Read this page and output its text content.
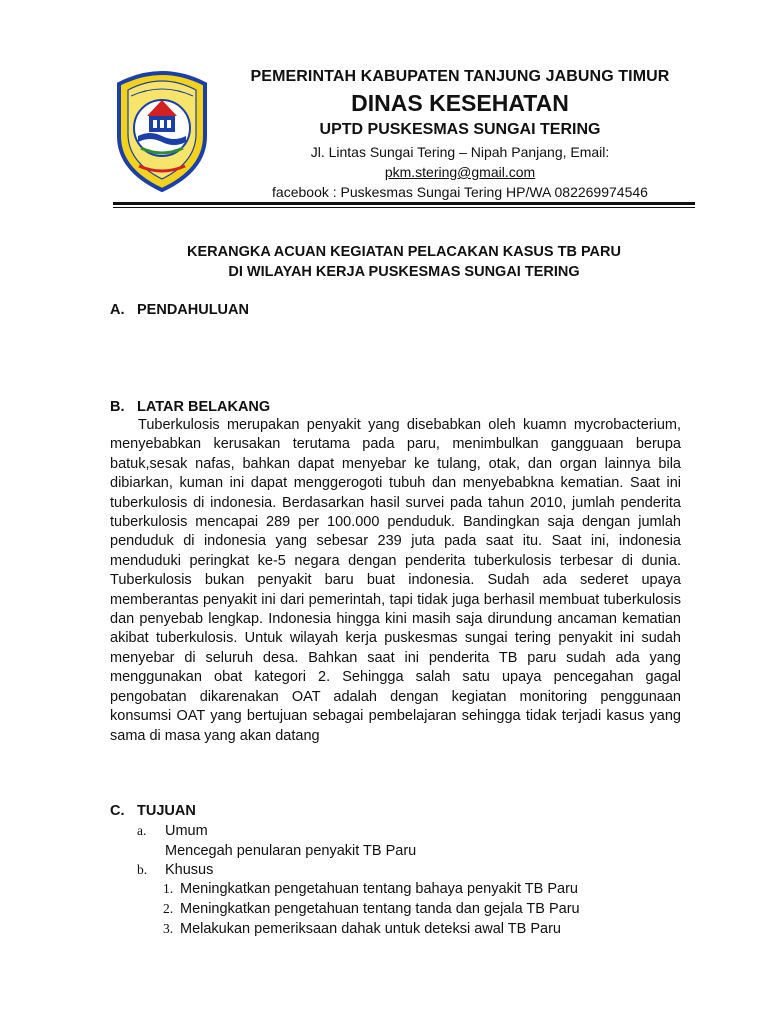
PEMERINTAH KABUPATEN TANJUNG JABUNG TIMUR
DINAS KESEHATAN
UPTD PUSKESMAS SUNGAI TERING
Jl. Lintas Sungai Tering – Nipah Panjang, Email:
pkm.stering@gmail.com
facebook : Puskesmas Sungai Tering HP/WA 082269974546
KERANGKA ACUAN KEGIATAN PELACAKAN KASUS TB PARU
DI WILAYAH KERJA PUSKESMAS SUNGAI TERING
A. PENDAHULUAN
B. LATAR BELAKANG
Tuberkulosis merupakan penyakit yang disebabkan oleh kuamn mycrobacterium, menyebabkan kerusakan terutama pada paru, menimbulkan gangguaan berupa batuk,sesak nafas, bahkan dapat menyebar ke tulang, otak, dan organ lainnya bila dibiarkan, kuman ini dapat menggerogoti tubuh dan menyebabkna kematian. Saat ini tuberkulosis di indonesia. Berdasarkan hasil survei pada tahun 2010, jumlah penderita tuberkulosis mencapai 289 per 100.000 penduduk. Bandingkan saja dengan jumlah penduduk di indonesia yang sebesar 239 juta pada saat itu. Saat ini, indonesia menduduki peringkat ke-5 negara dengan penderita tuberkulosis terbesar di dunia. Tuberkulosis bukan penyakit baru buat indonesia. Sudah ada sederet upaya memberantas penyakit ini dari pemerintah, tapi tidak juga berhasil membuat tuberkulosis dan penyebab lengkap. Indonesia hingga kini masih saja dirundung ancaman kematian akibat tuberkulosis. Untuk wilayah kerja puskesmas sungai tering penyakit ini sudah menyebar di seluruh desa. Bahkan saat ini penderita TB paru sudah ada yang menggunakan obat kategori 2. Sehingga salah satu upaya pencegahan gagal pengobatan dikarenakan OAT adalah dengan kegiatan monitoring penggunaan konsumsi OAT yang bertujuan sebagai pembelajaran sehingga tidak terjadi kasus yang sama di masa yang akan datang
C. TUJUAN
a. Umum
Mencegah penularan penyakit TB Paru
b. Khusus
1. Meningkatkan pengetahuan tentang bahaya penyakit TB Paru
2. Meningkatkan pengetahuan tentang tanda dan gejala TB Paru
3. Melakukan pemeriksaan dahak untuk deteksi awal TB Paru
